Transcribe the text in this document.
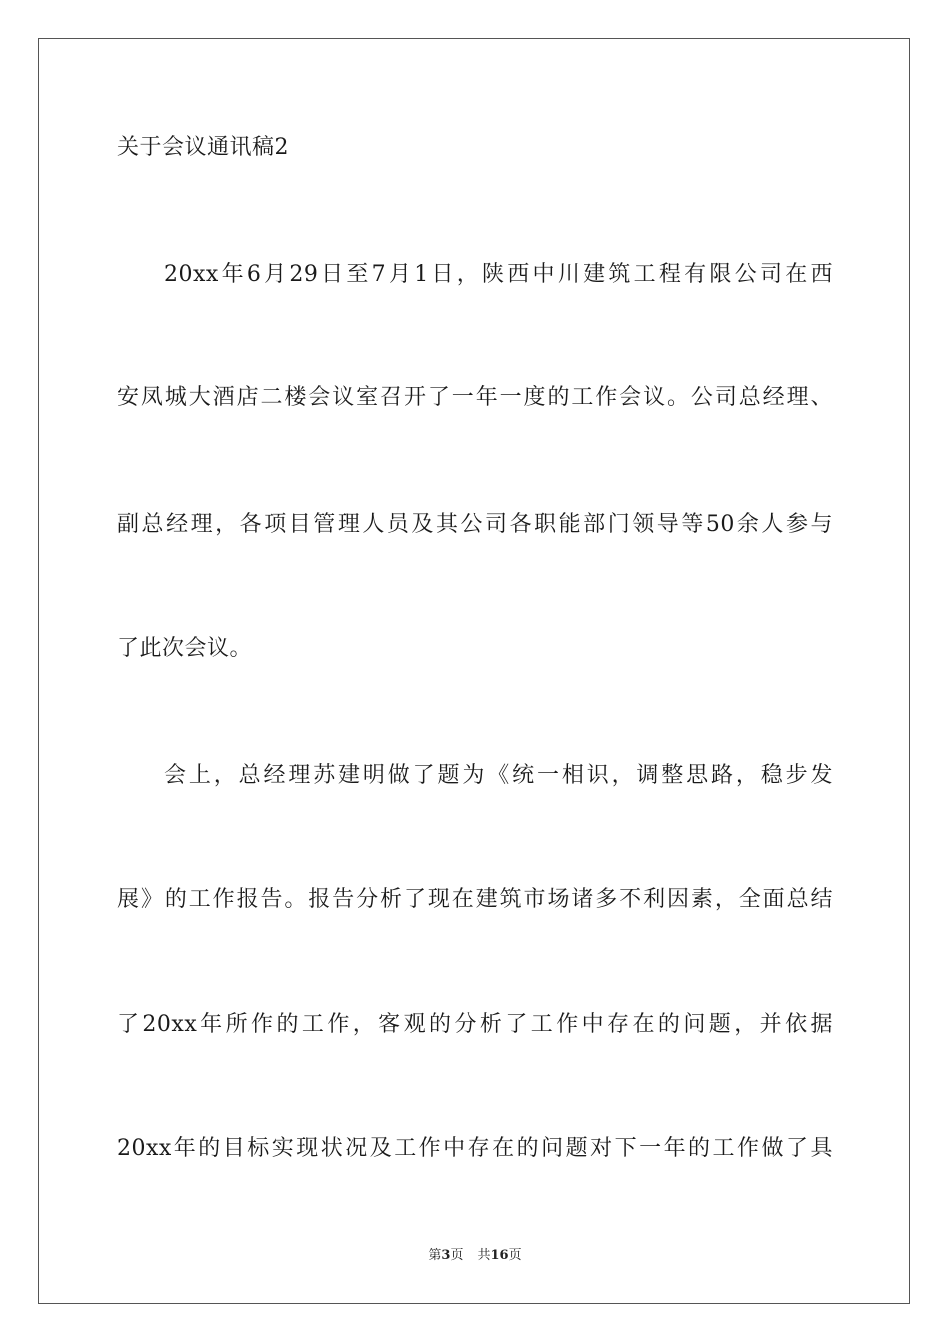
关于会议通讯稿2
20xx年6月29日至7月1日，陕西中川建筑工程有限公司在西
安凤城大酒店二楼会议室召开了一年一度的工作会议。公司总经理、
副总经理，各项目管理人员及其公司各职能部门领导等50余人参与
了此次会议。
会上，总经理苏建明做了题为《统一相识，调整思路，稳步发
展》的工作报告。报告分析了现在建筑市场诸多不利因素，全面总结
了20xx年所作的工作，客观的分析了工作中存在的问题，并依据
20xx年的目标实现状况及工作中存在的问题对下一年的工作做了具
第3页 共16页
